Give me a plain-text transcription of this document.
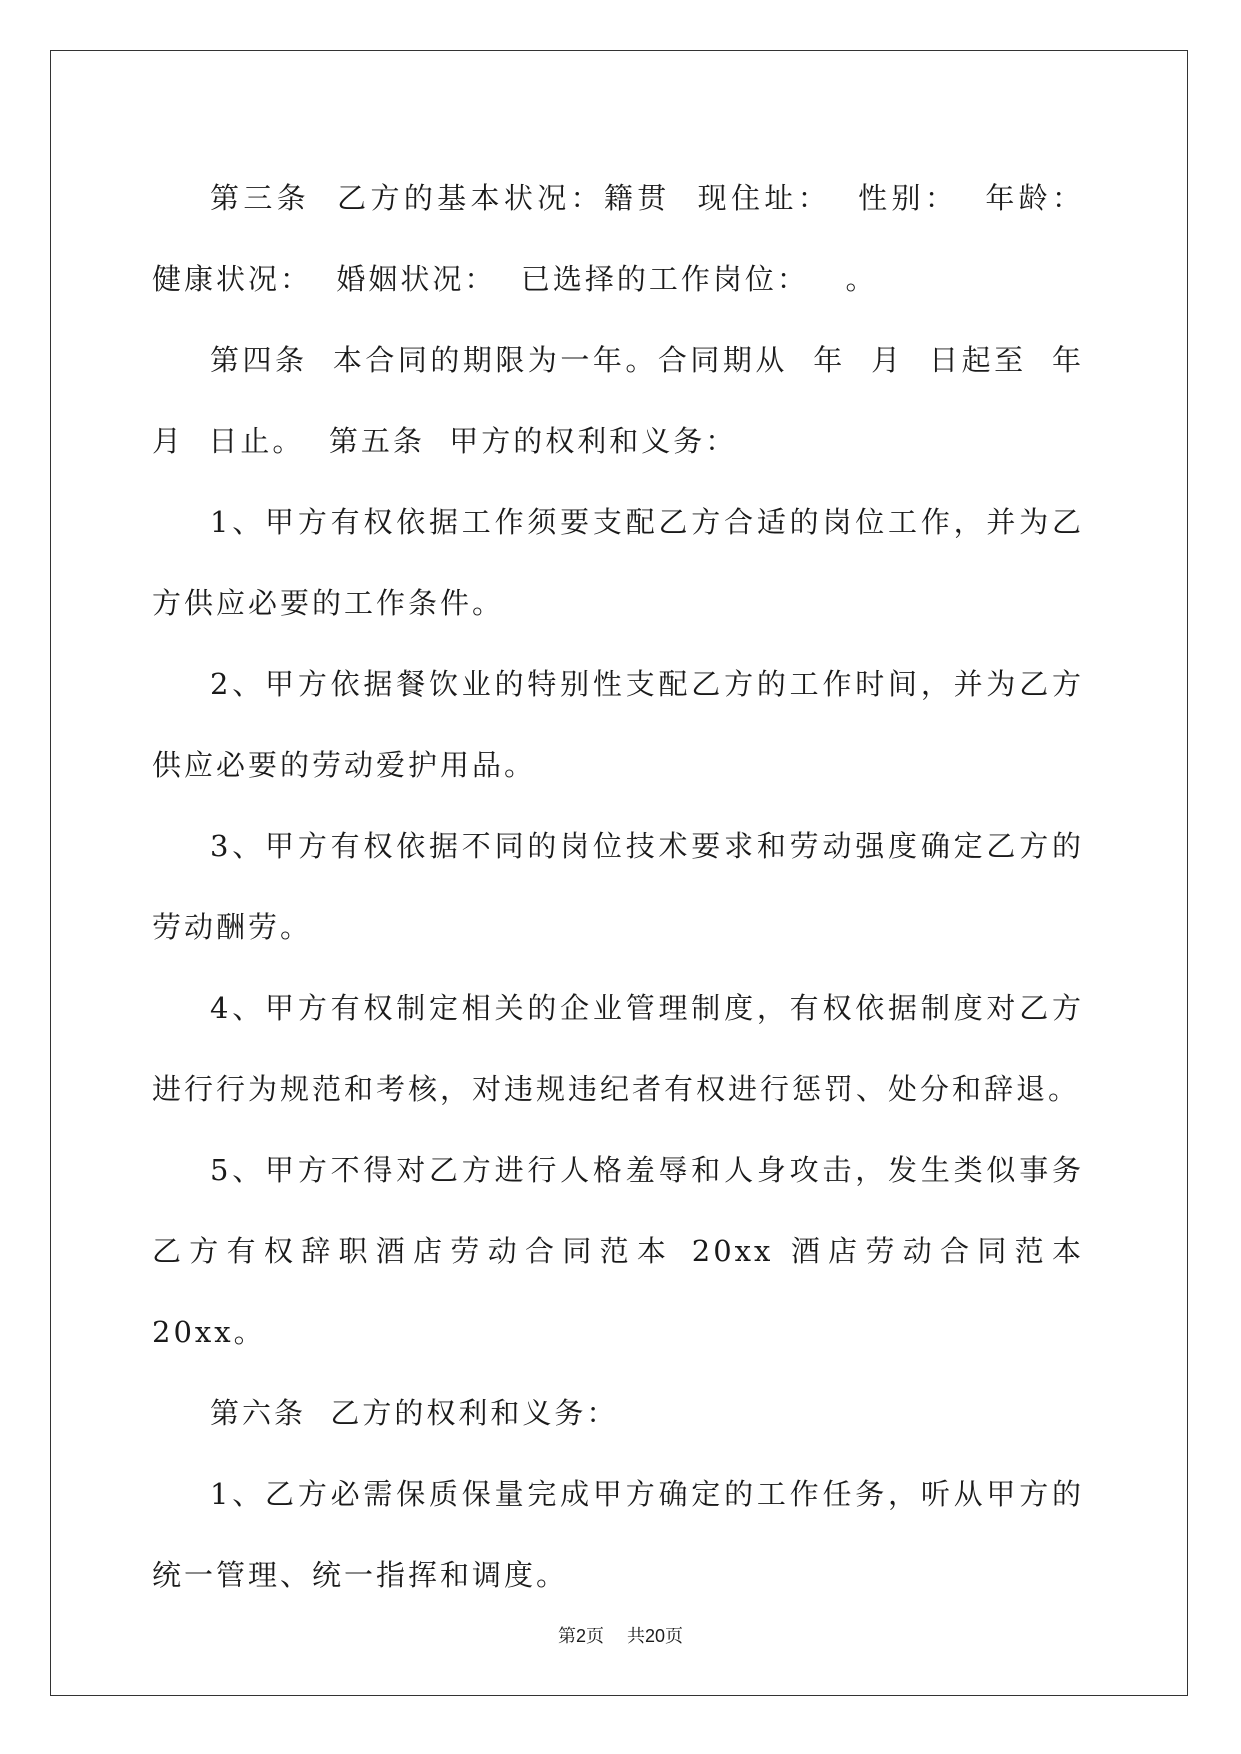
第三条  乙方的基本状况：籍贯  现住址：  性别：  年龄：  健康状况：  婚姻状况：  已选择的工作岗位：   。

第四条  本合同的期限为一年。合同期从  年  月  日起至  年  月  日止。  第五条  甲方的权利和义务：

1、甲方有权依据工作须要支配乙方合适的岗位工作，并为乙方供应必要的工作条件。

2、甲方依据餐饮业的特别性支配乙方的工作时间，并为乙方供应必要的劳动爱护用品。

3、甲方有权依据不同的岗位技术要求和劳动强度确定乙方的劳动酬劳。

4、甲方有权制定相关的企业管理制度，有权依据制度对乙方进行行为规范和考核，对违规违纪者有权进行惩罚、处分和辞退。

5、甲方不得对乙方进行人格羞辱和人身攻击，发生类似事务乙方有权辞职酒店劳动合同范本 20xx 酒店劳动合同范本 20xx。

第六条  乙方的权利和义务：

1、乙方必需保质保量完成甲方确定的工作任务，听从甲方的统一管理、统一指挥和调度。

第2页 共20页
